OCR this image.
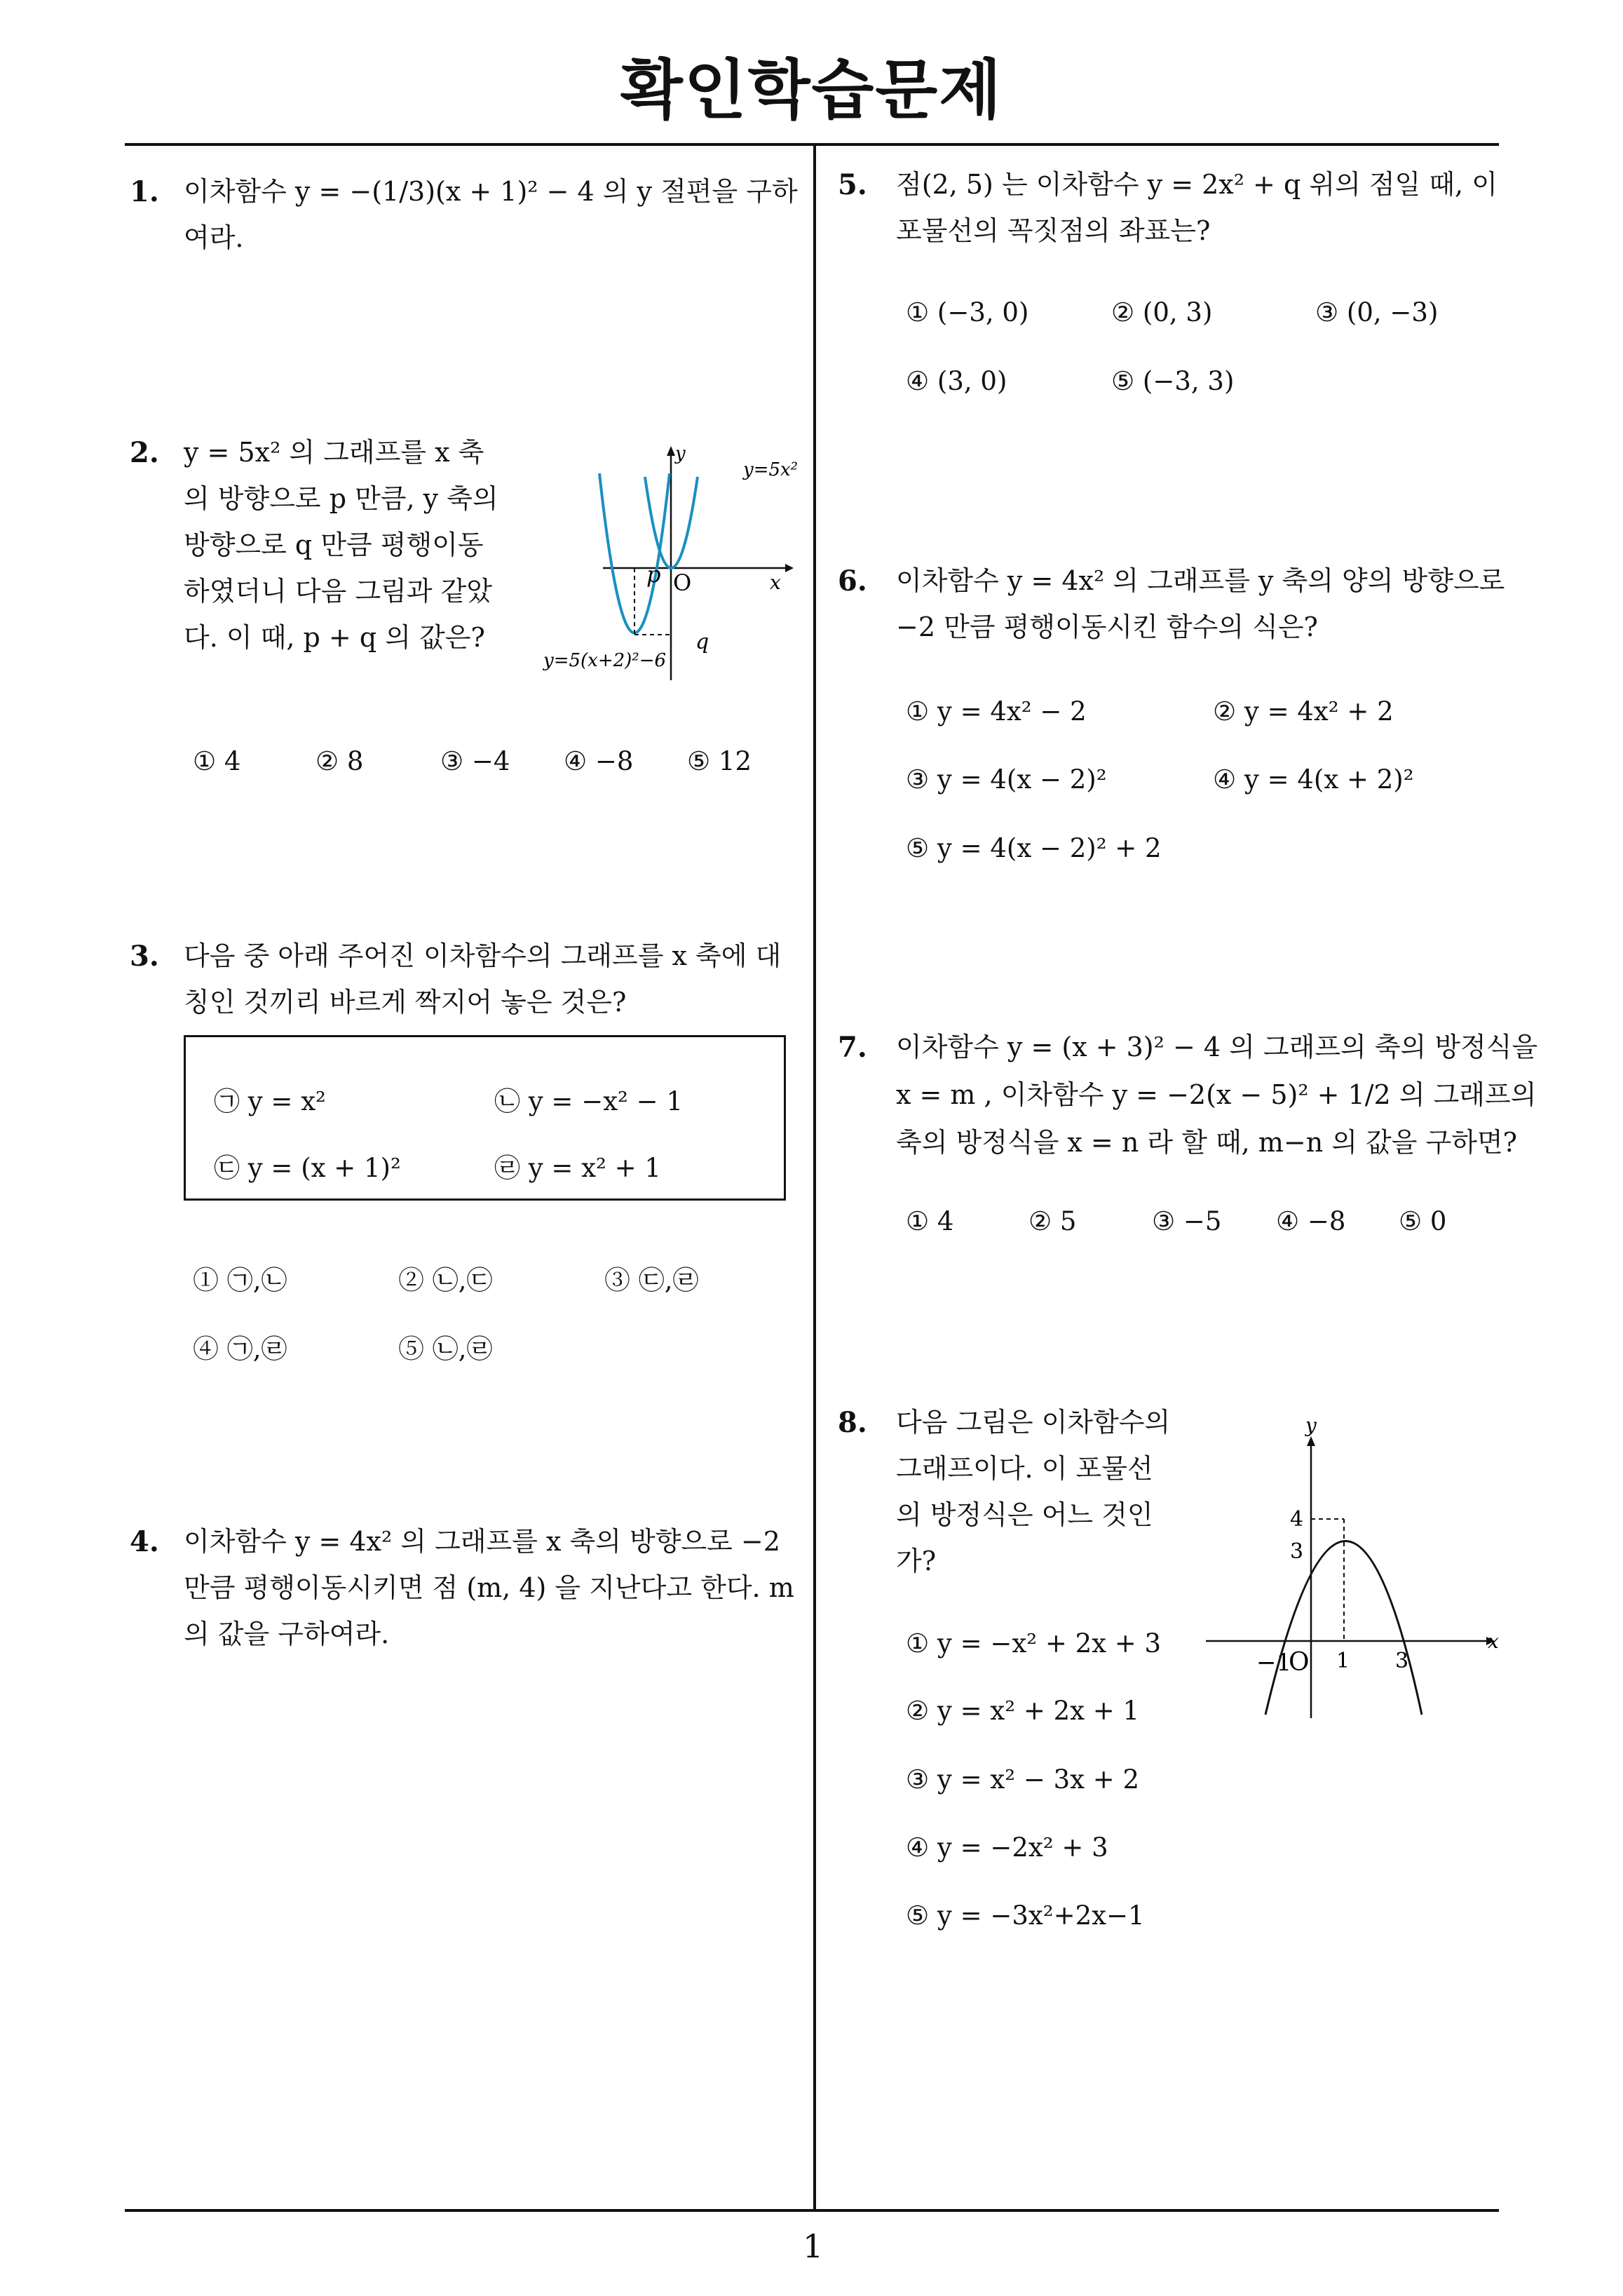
확인학습문제
1
1. 이차함수 y = −(1/3)(x + 1)² − 4 의 y 절편을 구하여라.
2. y = 5x² 의 그래프를 x 축
의 방향으로 p 만큼, y 축의
방향으로 q 만큼 평행이동
하였더니 다음 그림과 같았
다. 이 때, p + q 의 값은?
y
x
O
p
q
y=5x²
y=5(x+2)²−6
① 4	② 8	③ −4 ④ −8 ⑤ 12
3. 다음 중 아래 주어진 이차함수의 그래프를 x 축에 대
칭인 것끼리 바르게 짝지어 놓은 것은?
㉠ y = x²	㉡ y = −x² − 1
㉢ y = (x + 1)²	㉣ y = x² + 1
① ㉠,㉡	② ㉡,㉢	③ ㉢,㉣
④ ㉠,㉣	⑤ ㉡,㉣
4. 이차함수 y = 4x² 의 그래프를 x 축의 방향으로 −2
만큼 평행이동시키면 점 (m, 4) 을 지난다고 한다. m
의 값을 구하여라.
5. 점(2, 5) 는 이차함수 y = 2x² + q 위의 점일 때, 이
포물선의 꼭짓점의 좌표는?
① (−3, 0)	② (0, 3)	③ (0, −3)
④ (3, 0)	⑤ (−3, 3)
6. 이차함수 y = 4x² 의 그래프를 y 축의 양의 방향으로
−2 만큼 평행이동시킨 함수의 식은?
① y = 4x² − 2	② y = 4x² + 2
③ y = 4(x − 2)²	④ y = 4(x + 2)²
⑤ y = 4(x − 2)² + 2
7. 이차함수 y = (x + 3)² − 4 의 그래프의 축의 방정식을
x = m , 이차함수 y = −2(x − 5)² + 1/2 의 그래프의
축의 방정식을 x = n 라 할 때, m−n 의 값을 구하면?
① 4	② 5	③ −5 ④ −8 ⑤ 0
8. 다음 그림은 이차함수의
그래프이다. 이 포물선
의 방정식은 어느 것인
가?
y
x
O
−1 1 3
4
3
① y = −x² + 2x + 3
② y = x² + 2x + 1
③ y = x² − 3x + 2
④ y = −2x² + 3
⑤ y = −3x²+2x−1
